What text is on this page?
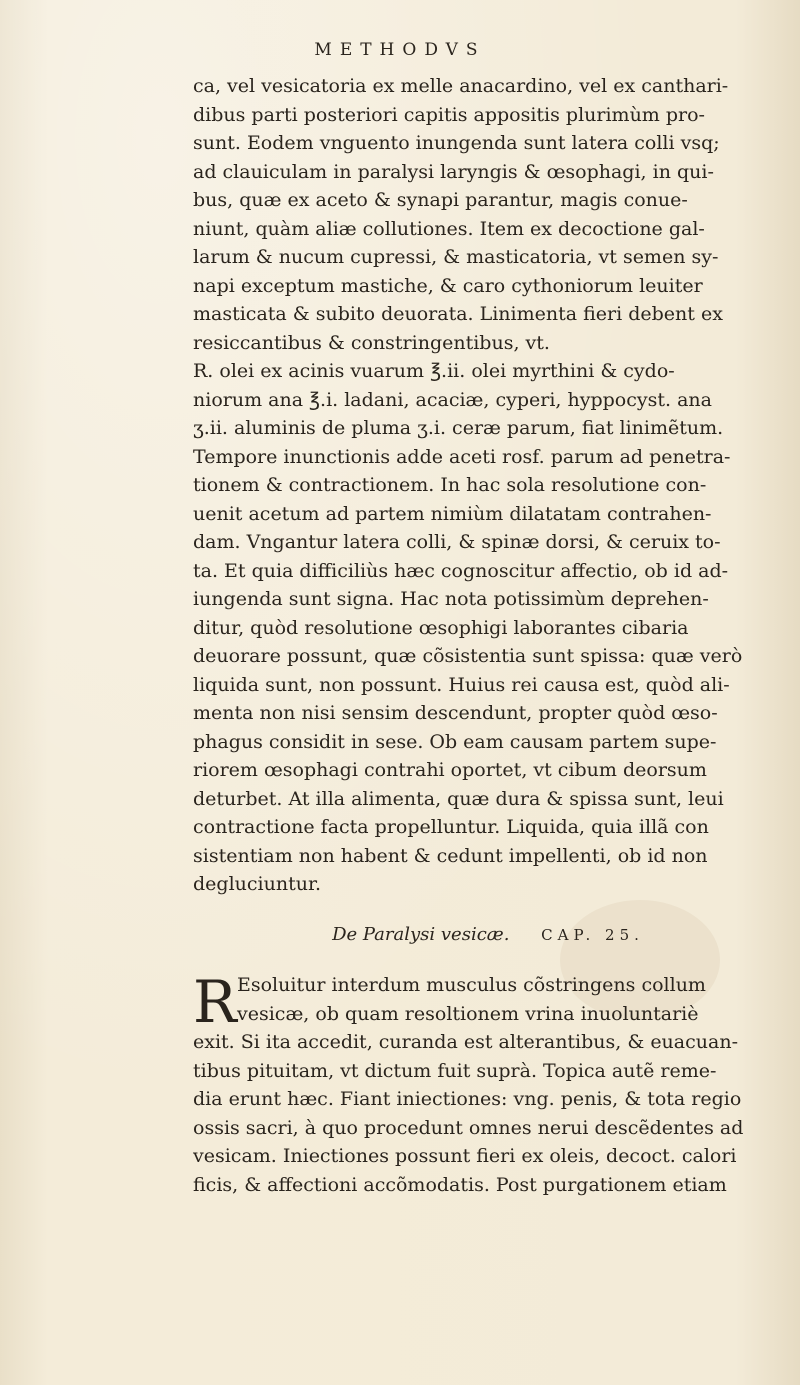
METHODVS
ca, vel vesicatoria ex melle anacardino, vel ex canthari-
dibus parti posteriori capitis appositis plurimùm pro-
sunt. Eodem vnguento inungenda sunt latera colli vsq;
ad clauiculam in paralysi laryngis & œsophagi, in qui-
bus, quæ ex aceto & synapi parantur, magis conue-
niunt, quàm aliæ collutiones. Item ex decoctione gal-
larum & nucum cupressi, & masticatoria, vt semen sy-
napi exceptum mastiche, & caro cythoniorum leuiter
masticata & subito deuorata. Linimenta fieri debent ex
resiccantibus & constringentibus, vt.
R. olei ex acinis vuarum ℥.ii. olei myrthini & cydo-
niorum ana ℥.i. ladani, acaciæ, cyperi, hyppocyst. ana
ʒ.ii. aluminis de pluma ʒ.i. ceræ parum, fiat linimẽtum.
Tempore inunctionis adde aceti rosf. parum ad penetra-
tionem & contractionem. In hac sola resolutione con-
uenit acetum ad partem nimiùm dilatatam contrahen-
dam. Vngantur latera colli, & spinæ dorsi, & ceruix to-
ta. Et quia difficiliùs hæc cognoscitur affectio, ob id ad-
iungenda sunt signa. Hac nota potissimùm deprehen-
ditur, quòd resolutione œsophigi laborantes cibaria
deuorare possunt, quæ cõsistentia sunt spissa: quæ verò
liquida sunt, non possunt. Huius rei causa est, quòd ali-
menta non nisi sensim descendunt, propter quòd œso-
phagus considit in sese. Ob eam causam partem supe-
riorem œsophagi contrahi oportet, vt cibum deorsum
deturbet. At illa alimenta, quæ dura & spissa sunt, leui
contractione facta propelluntur. Liquida, quia illã con
sistentiam non habent & cedunt impellenti, ob id non
degluciuntur.
De Paralysi vesicæ. CAP. 25.
R Esoluitur interdum musculus cõstringens collum
vesicæ, ob quam resoltionem vrina inuoluntariè
exit. Si ita accedit, curanda est alterantibus, & euacuan-
tibus pituitam, vt dictum fuit suprà. Topica autẽ reme-
dia erunt hæc. Fiant iniectiones: vng. penis, & tota regio
ossis sacri, à quo procedunt omnes nerui descẽdentes ad
vesicam. Iniectiones possunt fieri ex oleis, decoct. calori
ficis, & affectioni accõmodatis. Post purgationem etiam
